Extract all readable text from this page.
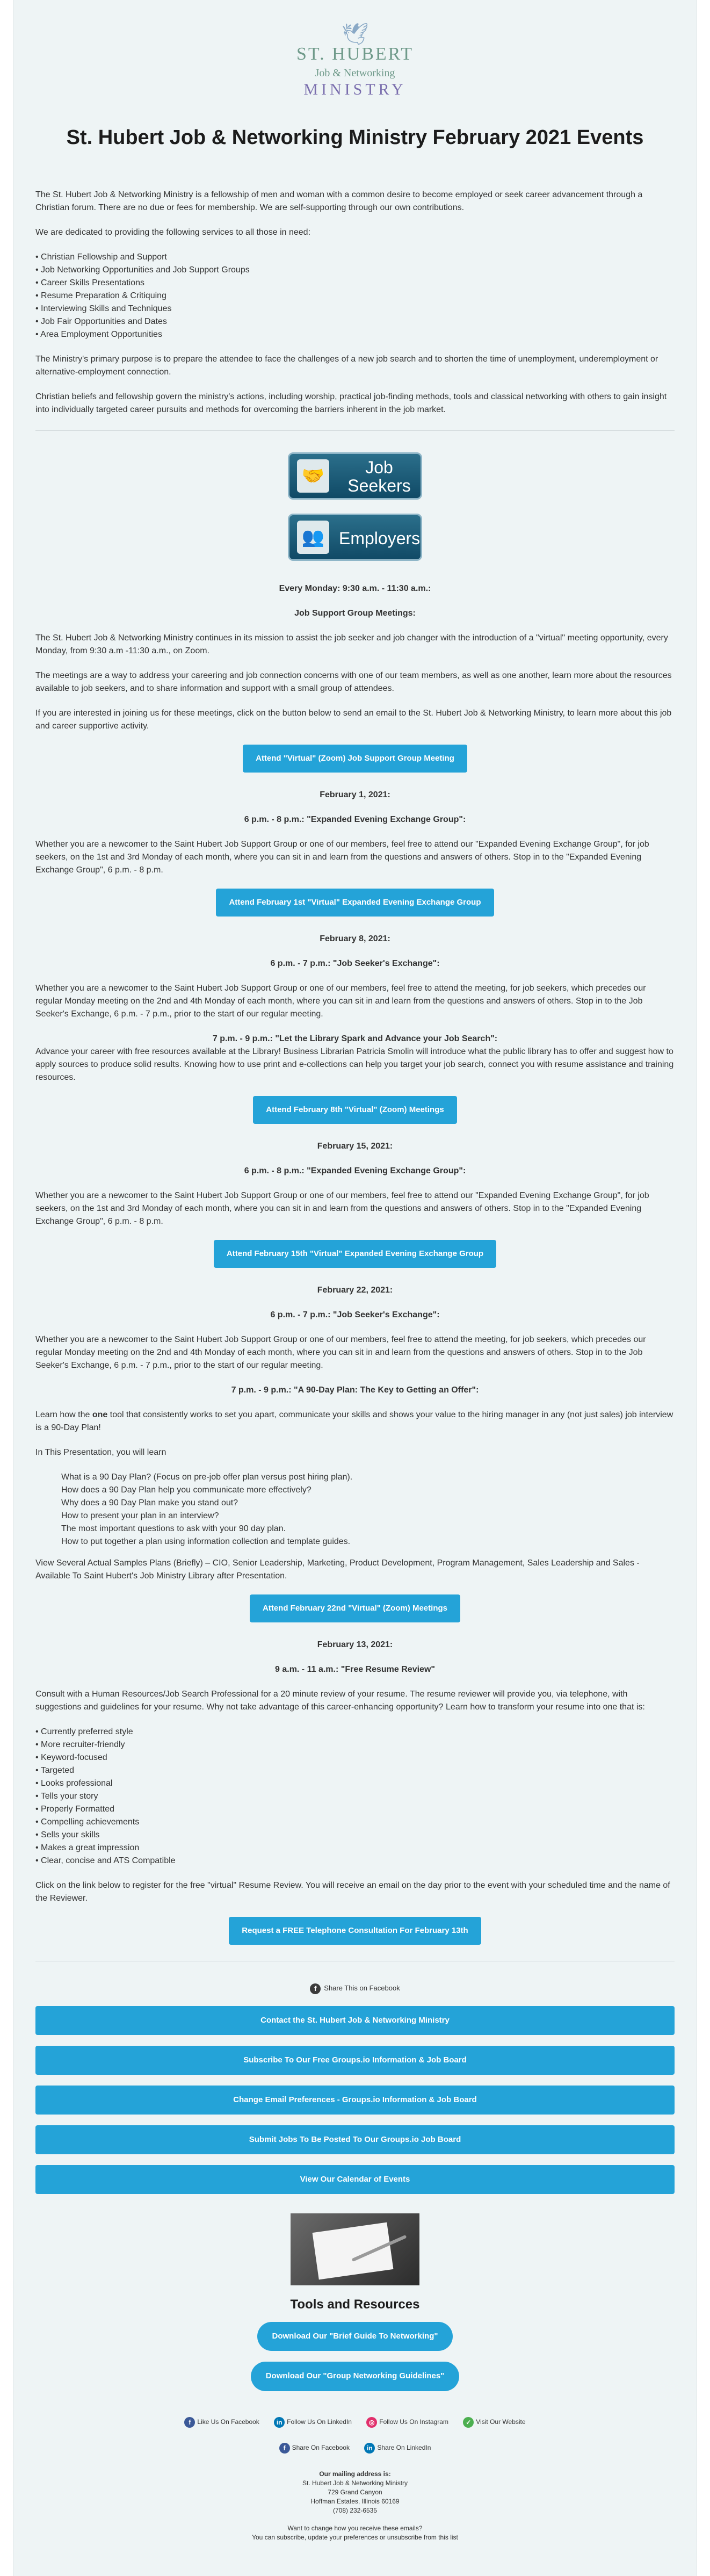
🕊
ST. HUBERT
Job & Networking
MINISTRY
St. Hubert Job & Networking Ministry February 2021 Events

The St. Hubert Job & Networking Ministry is a fellowship of men and woman with a common desire to become employed or seek career advancement through a Christian forum. There are no due or fees for membership. We are self-supporting through our own contributions.

We are dedicated to providing the following services to all those in need:

• Christian Fellowship and Support
• Job Networking Opportunities and Job Support Groups
• Career Skills Presentations
• Resume Preparation & Critiquing
• Interviewing Skills and Techniques
• Job Fair Opportunities and Dates
• Area Employment Opportunities

The Ministry's primary purpose is to prepare the attendee to face the challenges of a new job search and to shorten the time of unemployment, underemployment or alternative-employment connection.

Christian beliefs and fellowship govern the ministry's actions, including worship, practical job-finding methods, tools and classical networking with others to gain insight into individually targeted career pursuits and methods for overcoming the barriers inherent in the job market.

🤝	Job Seekers
👥 Employers

Every Monday: 9:30 a.m. - 11:30 a.m.:

Job Support Group Meetings:

The St. Hubert Job & Networking Ministry continues in its mission to assist the job seeker and job changer with the introduction of a "virtual" meeting opportunity, every Monday, from 9:30 a.m -11:30 a.m., on Zoom.

The meetings are a way to address your careering and job connection concerns with one of our team members, as well as one another, learn more about the resources available to job seekers, and to share information and support with a small group of attendees.

If you are interested in joining us for these meetings, click on the button below to send an email to the St. Hubert Job & Networking Ministry, to learn more about this job and career supportive activity.

Attend "Virtual" (Zoom) Job Support Group Meeting

February 1, 2021:

6 p.m. - 8 p.m.: "Expanded Evening Exchange Group":

Whether you are a newcomer to the Saint Hubert Job Support Group or one of our members, feel free to attend our "Expanded Evening Exchange Group", for job seekers, on the 1st and 3rd Monday of each month, where you can sit in and learn from the questions and answers of others. Stop in to the "Expanded Evening Exchange Group", 6 p.m. - 8 p.m.

Attend February 1st "Virtual" Expanded Evening Exchange Group

February 8, 2021:

6 p.m. - 7 p.m.: "Job Seeker's Exchange":

Whether you are a newcomer to the Saint Hubert Job Support Group or one of our members, feel free to attend the meeting, for job seekers, which precedes our regular Monday meeting on the 2nd and 4th Monday of each month, where you can sit in and learn from the questions and answers of others. Stop in to the Job Seeker's Exchange, 6 p.m. - 7 p.m., prior to the start of our regular meeting.

7 p.m. - 9 p.m.: "Let the Library Spark and Advance your Job Search":

Advance your career with free resources available at the Library! Business Librarian Patricia Smolin will introduce what the public library has to offer and suggest how to apply sources to produce solid results. Knowing how to use print and e-collections can help you target your job search, connect you with resume assistance and training resources.

Attend February 8th "Virtual" (Zoom) Meetings

February 15, 2021:

6 p.m. - 8 p.m.: "Expanded Evening Exchange Group":

Whether you are a newcomer to the Saint Hubert Job Support Group or one of our members, feel free to attend our "Expanded Evening Exchange Group", for job seekers, on the 1st and 3rd Monday of each month, where you can sit in and learn from the questions and answers of others. Stop in to the "Expanded Evening Exchange Group", 6 p.m. - 8 p.m.

Attend February 15th "Virtual" Expanded Evening Exchange Group

February 22, 2021:

6 p.m. - 7 p.m.: "Job Seeker's Exchange":

Whether you are a newcomer to the Saint Hubert Job Support Group or one of our members, feel free to attend the meeting, for job seekers, which precedes our regular Monday meeting on the 2nd and 4th Monday of each month, where you can sit in and learn from the questions and answers of others. Stop in to the Job Seeker's Exchange, 6 p.m. - 7 p.m., prior to the start of our regular meeting.

7 p.m. - 9 p.m.: "A 90-Day Plan: The Key to Getting an Offer":

Learn how the one tool that consistently works to set you apart, communicate your skills and shows your value to the hiring manager in any (not just sales) job interview is a 90-Day Plan!

In This Presentation, you will learn

What is a 90 Day Plan? (Focus on pre-job offer plan versus post hiring plan).
How does a 90 Day Plan help you communicate more effectively?
Why does a 90 Day Plan make you stand out?
How to present your plan in an interview?
The most important questions to ask with your 90 day plan.
How to put together a plan using information collection and template guides.

View Several Actual Samples Plans (Briefly) – CIO, Senior Leadership, Marketing, Product Development, Program Management, Sales Leadership and Sales - Available To Saint Hubert's Job Ministry Library after Presentation.

Attend February 22nd "Virtual" (Zoom) Meetings

February 13, 2021:

9 a.m. - 11 a.m.: "Free Resume Review"

Consult with a Human Resources/Job Search Professional for a 20 minute review of your resume. The resume reviewer will provide you, via telephone, with suggestions and guidelines for your resume. Why not take advantage of this career-enhancing opportunity? Learn how to transform your resume into one that is:

• Currently preferred style
• More recruiter-friendly
• Keyword-focused
• Targeted
• Looks professional
• Tells your story
• Properly Formatted
• Compelling achievements
• Sells your skills
• Makes a great impression
• Clear, concise and ATS Compatible

Click on the link below to register for the free "virtual" Resume Review. You will receive an email on the day prior to the event with your scheduled time and the name of the Reviewer.

Request a FREE Telephone Consultation For February 13th
f Share This on Facebook
Contact the St. Hubert Job & Networking Ministry
Subscribe To Our Free Groups.io Information & Job Board
Change Email Preferences - Groups.io Information & Job Board
Submit Jobs To Be Posted To Our Groups.io Job Board
View Our Calendar of Events
Tools and Resources
Download Our "Brief Guide To Networking"
Download Our "Group Networking Guidelines"
f Like Us On Facebook	in Follow Us On LinkedIn	◎ Follow Us On Instagram	✓ Visit Our Website
f Share On Facebook	in Share On LinkedIn

Our mailing address is:
St. Hubert Job & Networking Ministry
729 Grand Canyon
Hoffman Estates, Illinois 60169
(708) 232-6535

Want to change how you receive these emails?
You can subscribe, update your preferences or unsubscribe from this list
